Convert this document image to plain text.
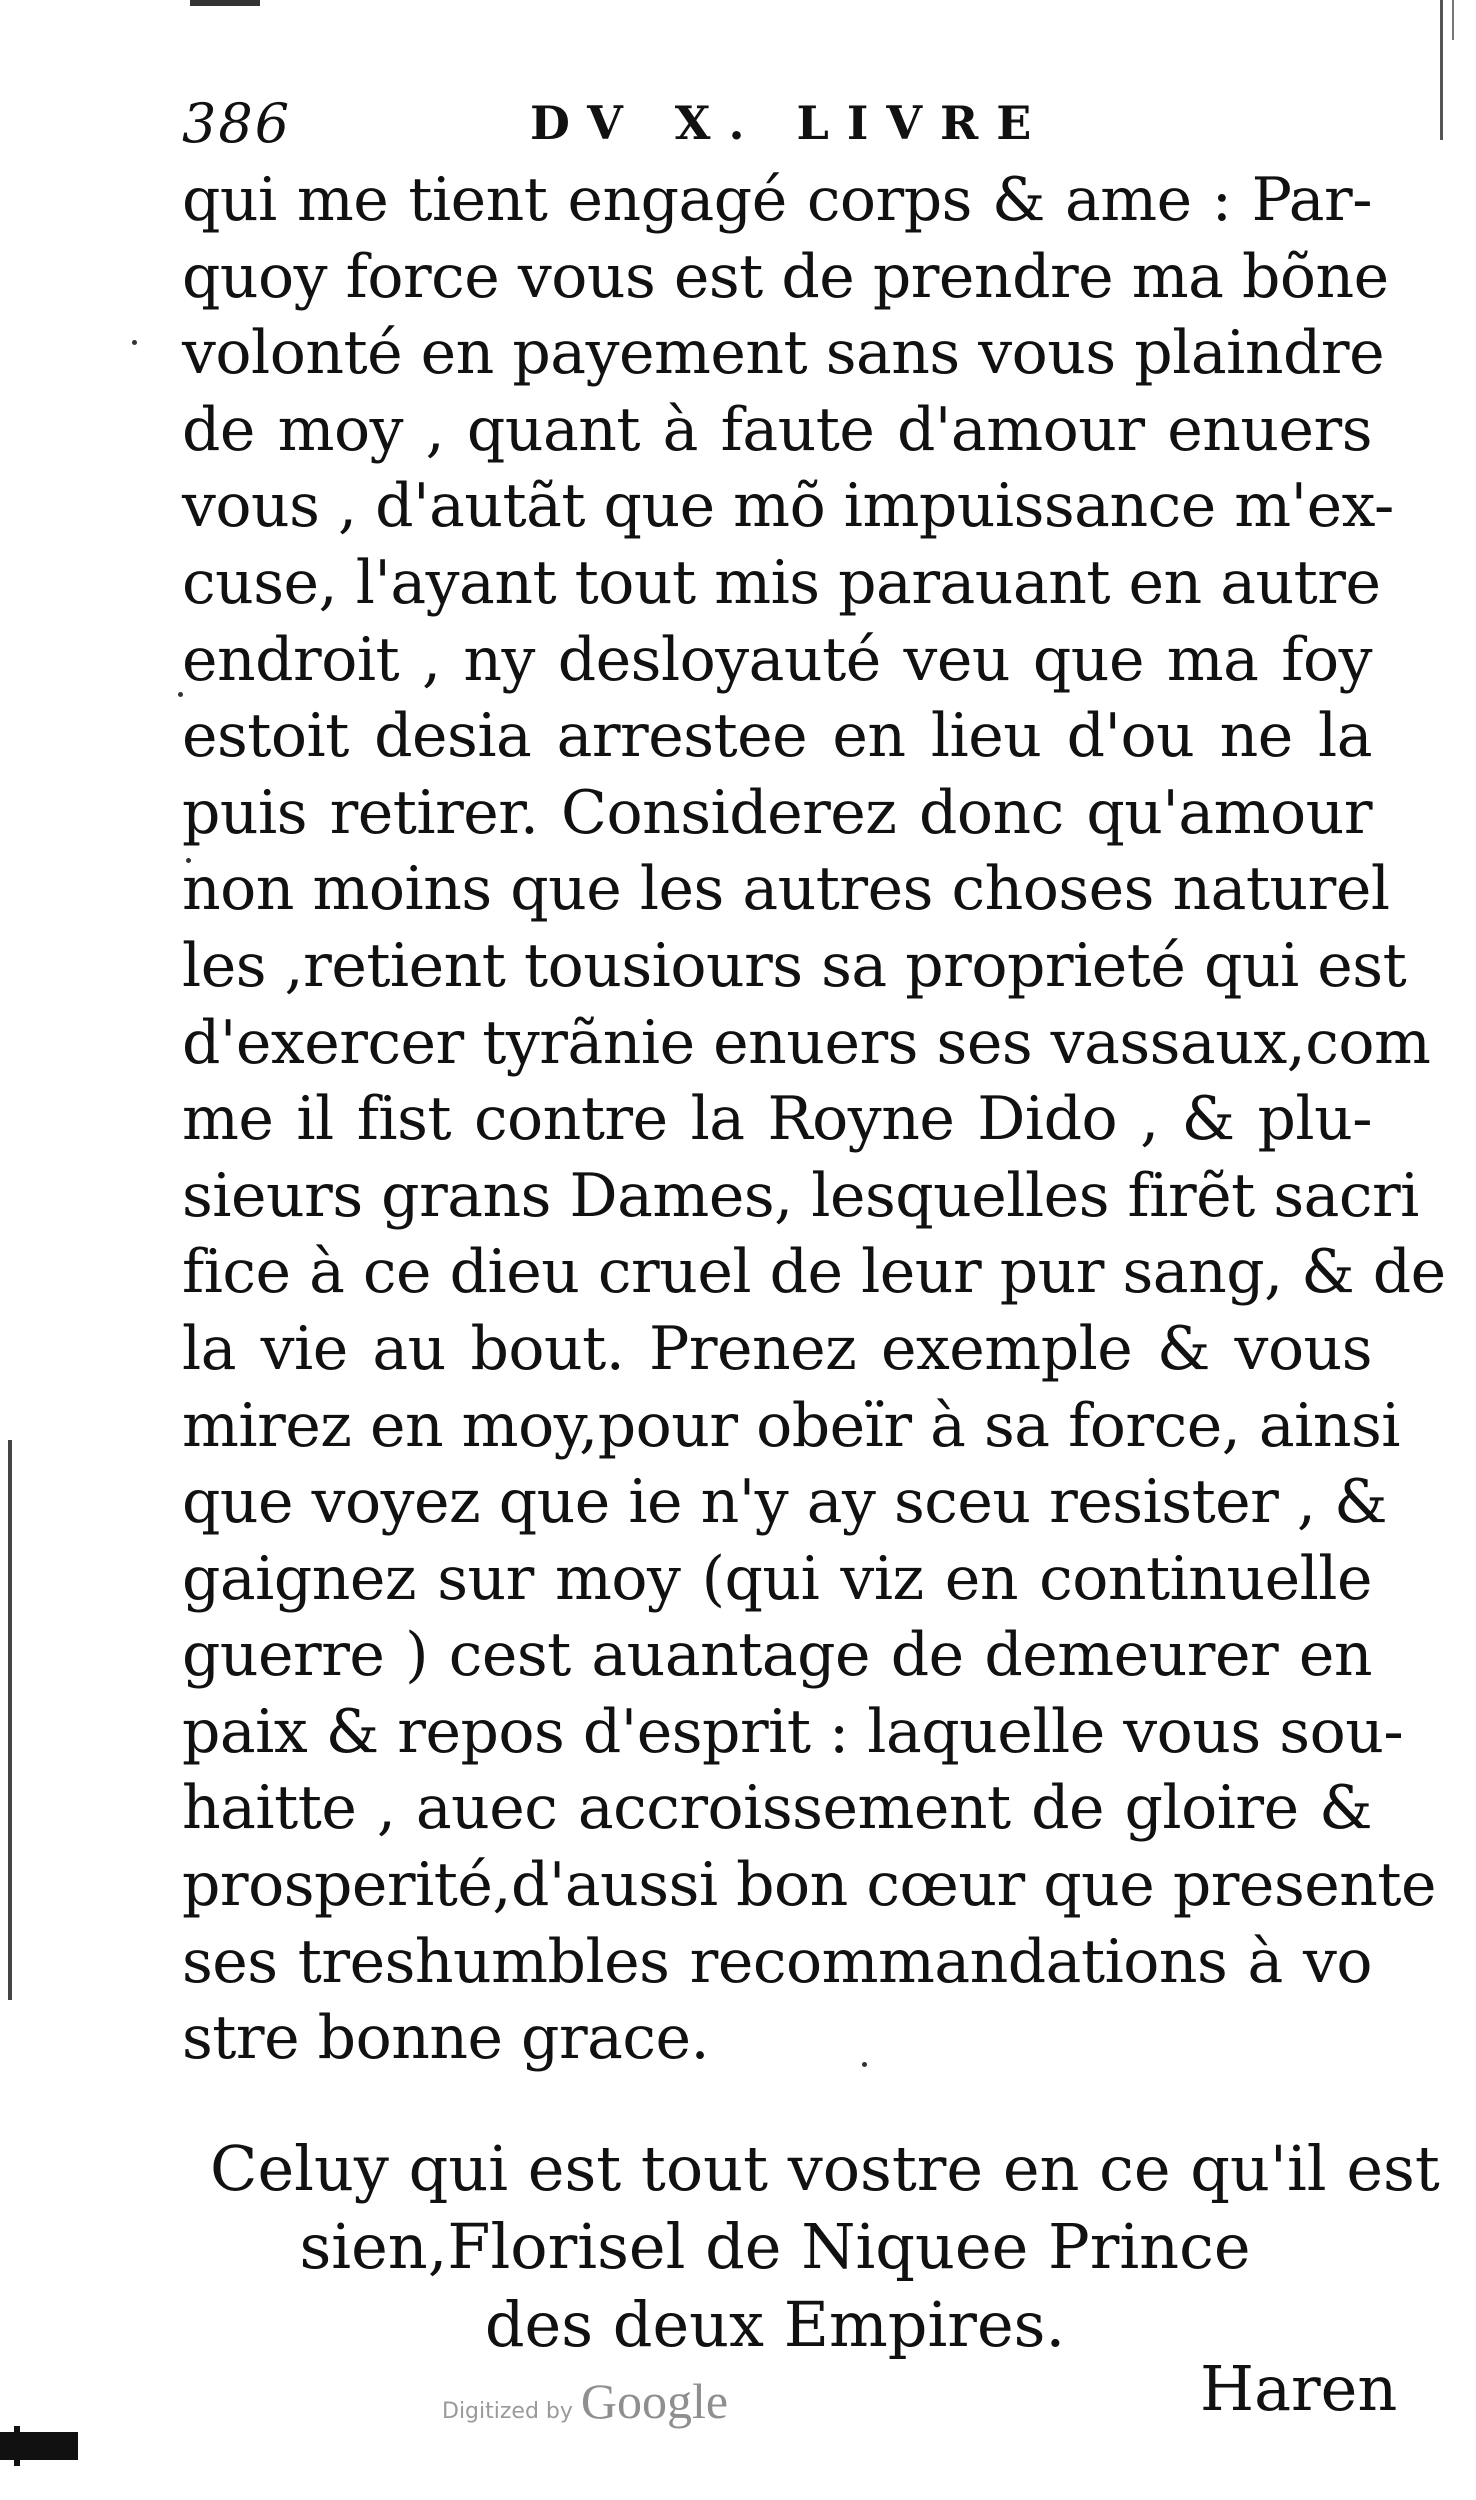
386	DV X. LIVRE
qui me tient engagé corps & ame : Par-
quoy force vous est de prendre ma bõne
volonté en payement sans vous plaindre
de moy , quant à faute d'amour enuers
vous , d'autãt que mõ impuissance m'ex-
cuse, l'ayant tout mis parauant en autre
endroit , ny desloyauté veu que ma foy
estoit desia arrestee en lieu d'ou ne la
puis retirer. Considerez donc qu'amour
non moins que les autres choses naturel
les ,retient tousiours sa proprieté qui est
d'exercer tyrãnie enuers ses vassaux,com
me il fist contre la Royne Dido , & plu-
sieurs grans Dames, lesquelles firẽt sacri
fice à ce dieu cruel de leur pur sang, & de
la vie au bout. Prenez exemple & vous
mirez en moy,pour obeïr à sa force, ainsi
que voyez que ie n'y ay sceu resister , &
gaignez sur moy (qui viz en continuelle
guerre ) cest auantage de demeurer en
paix & repos d'esprit : laquelle vous sou-
haitte , auec accroissement de gloire &
prosperité,d'aussi bon cœur que presente
ses treshumbles recommandations à vo
stre bonne grace.
Celuy qui est tout vostre en ce qu'il est
sien,Florisel de Niquee Prince
des deux Empires.
Digitized by Google	Haren
